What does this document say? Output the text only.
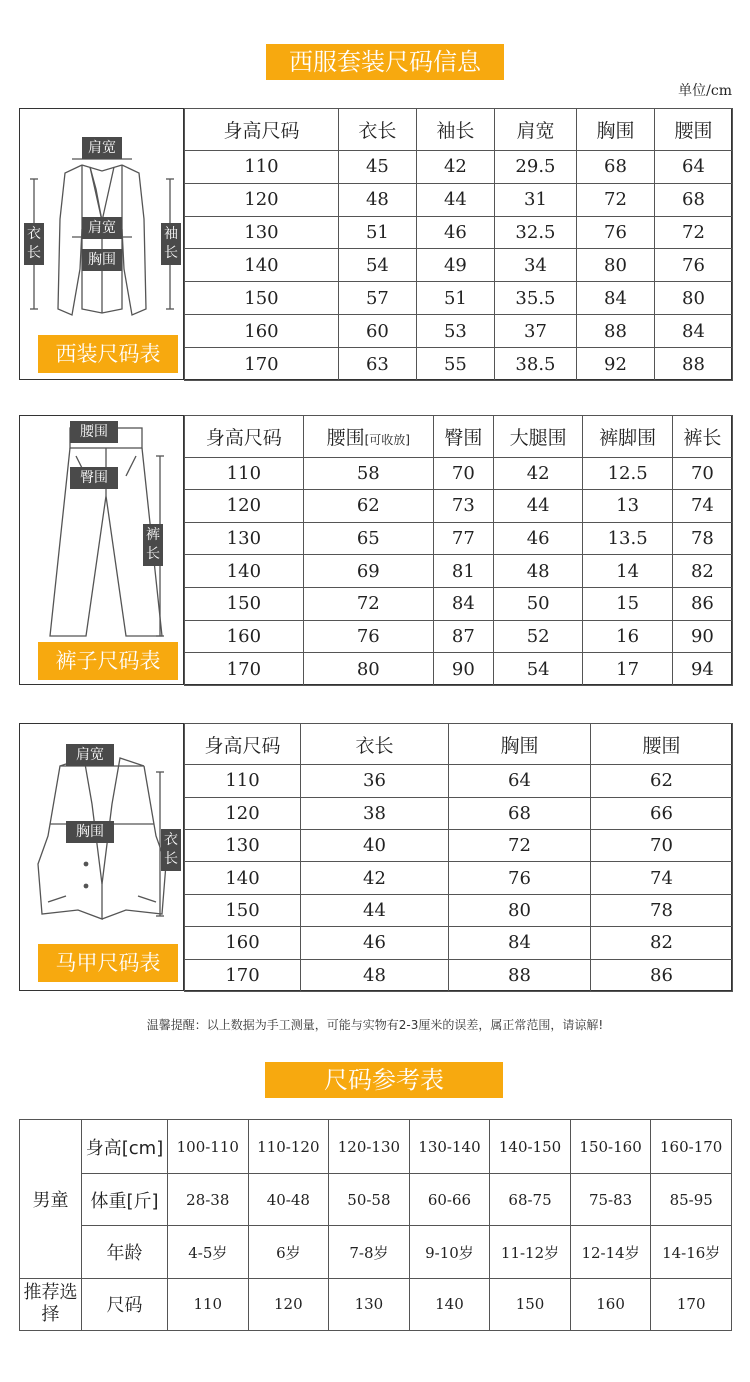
西服套装尺码信息
单位/cm
肩宽
肩宽
胸围
衣长
袖长
西装尺码表
身高尺码	衣长	袖长	肩宽	胸围	腰围
110	45	42	29.5	68	64
120	48	44	31	72	68
130	51	46	32.5	76	72
140	54	49	34	80	76
150	57	51	35.5	84	80
160	60	53	37	88	84
170	63	55	38.5	92	88
腰围
臀围
裤长
裤子尺码表
身高尺码	腰围[可收放]	臀围	大腿围	裤脚围	裤长
110	58	70	42	12.5	70
120	62	73	44	13	74
130	65	77	46	13.5	78
140	69	81	48	14	82
150	72	84	50	15	86
160	76	87	52	16	90
170	80	90	54	17	94
肩宽
胸围	衣长
马甲尺码表
身高尺码	衣长	胸围	腰围
110	36	64	62
120	38	68	66
130	40	72	70
140	42	76	74
150	44	80	78
160	46	84	82
170	48	88	86
温馨提醒：以上数据为手工测量，可能与实物有2-3厘米的误差，属正常范围，请谅解!
尺码参考表
男童	身高[cm]	100-110	110-120	120-130	130-140	140-150	150-160	160-170
	体重[斤]	28-38	40-48	50-58	60-66	68-75	75-83	85-95
	年龄	4-5岁	6岁	7-8岁	9-10岁	11-12岁	12-14岁	14-16岁
推荐选择	尺码	110	120	130	140	150	160	170
